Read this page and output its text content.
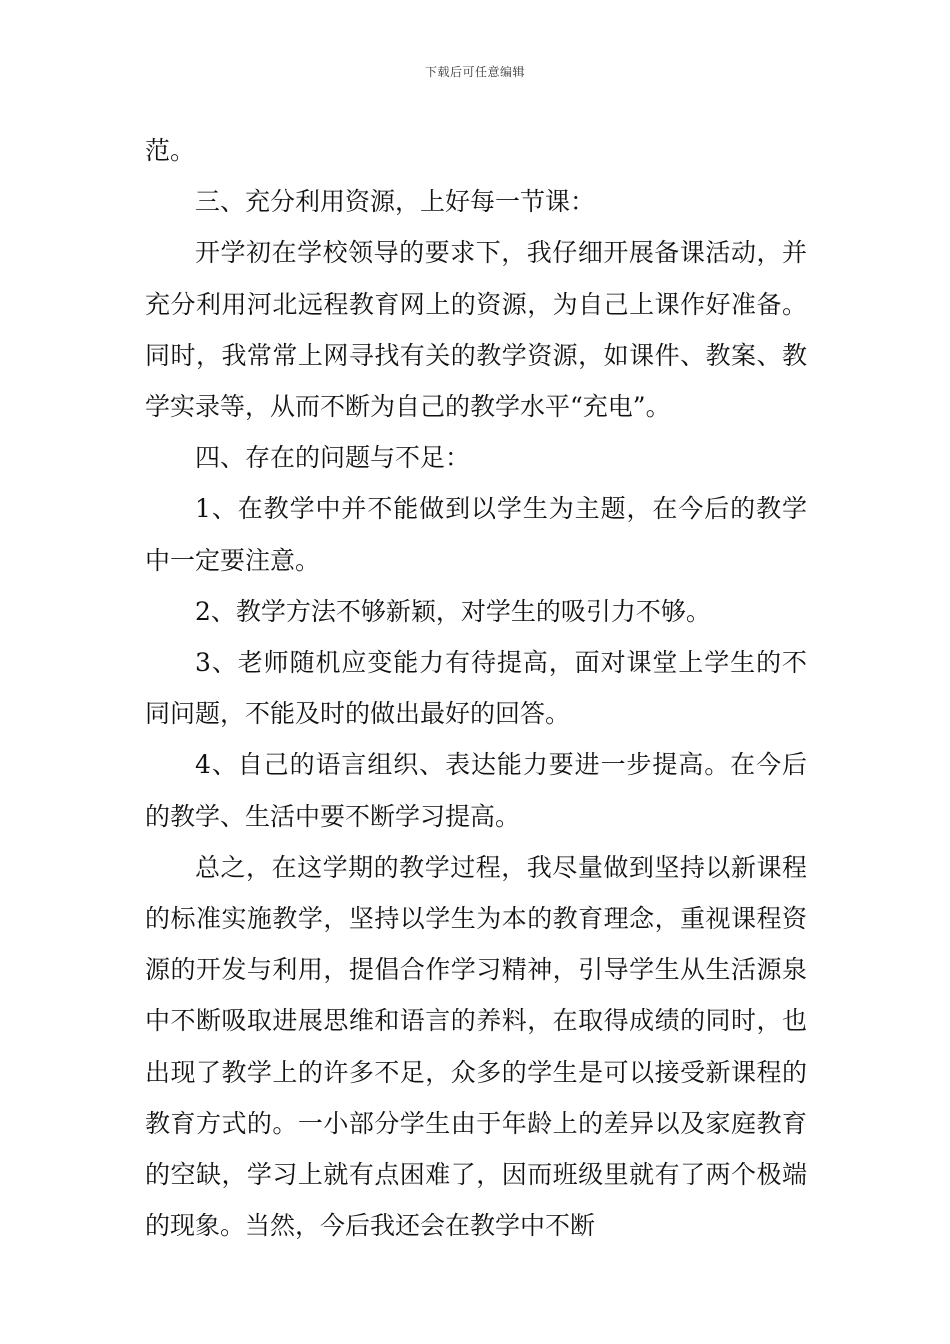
下载后可任意编辑

范。

三、充分利用资源，上好每一节课：

开学初在学校领导的要求下，我仔细开展备课活动，并充分利用河北远程教育网上的资源，为自己上课作好准备。同时，我常常上网寻找有关的教学资源，如课件、教案、教学实录等，从而不断为自己的教学水平“充电”。

四、存在的问题与不足：

1、在教学中并不能做到以学生为主题，在今后的教学中一定要注意。

2、教学方法不够新颖，对学生的吸引力不够。

3、老师随机应变能力有待提高，面对课堂上学生的不同问题，不能及时的做出最好的回答。

4、自己的语言组织、表达能力要进一步提高。在今后的教学、生活中要不断学习提高。

总之，在这学期的教学过程，我尽量做到坚持以新课程的标准实施教学，坚持以学生为本的教育理念，重视课程资源的开发与利用，提倡合作学习精神，引导学生从生活源泉中不断吸取进展思维和语言的养料，在取得成绩的同时，也出现了教学上的许多不足，众多的学生是可以接受新课程的教育方式的。一小部分学生由于年龄上的差异以及家庭教育的空缺，学习上就有点困难了，因而班级里就有了两个极端的现象。当然，今后我还会在教学中不断
